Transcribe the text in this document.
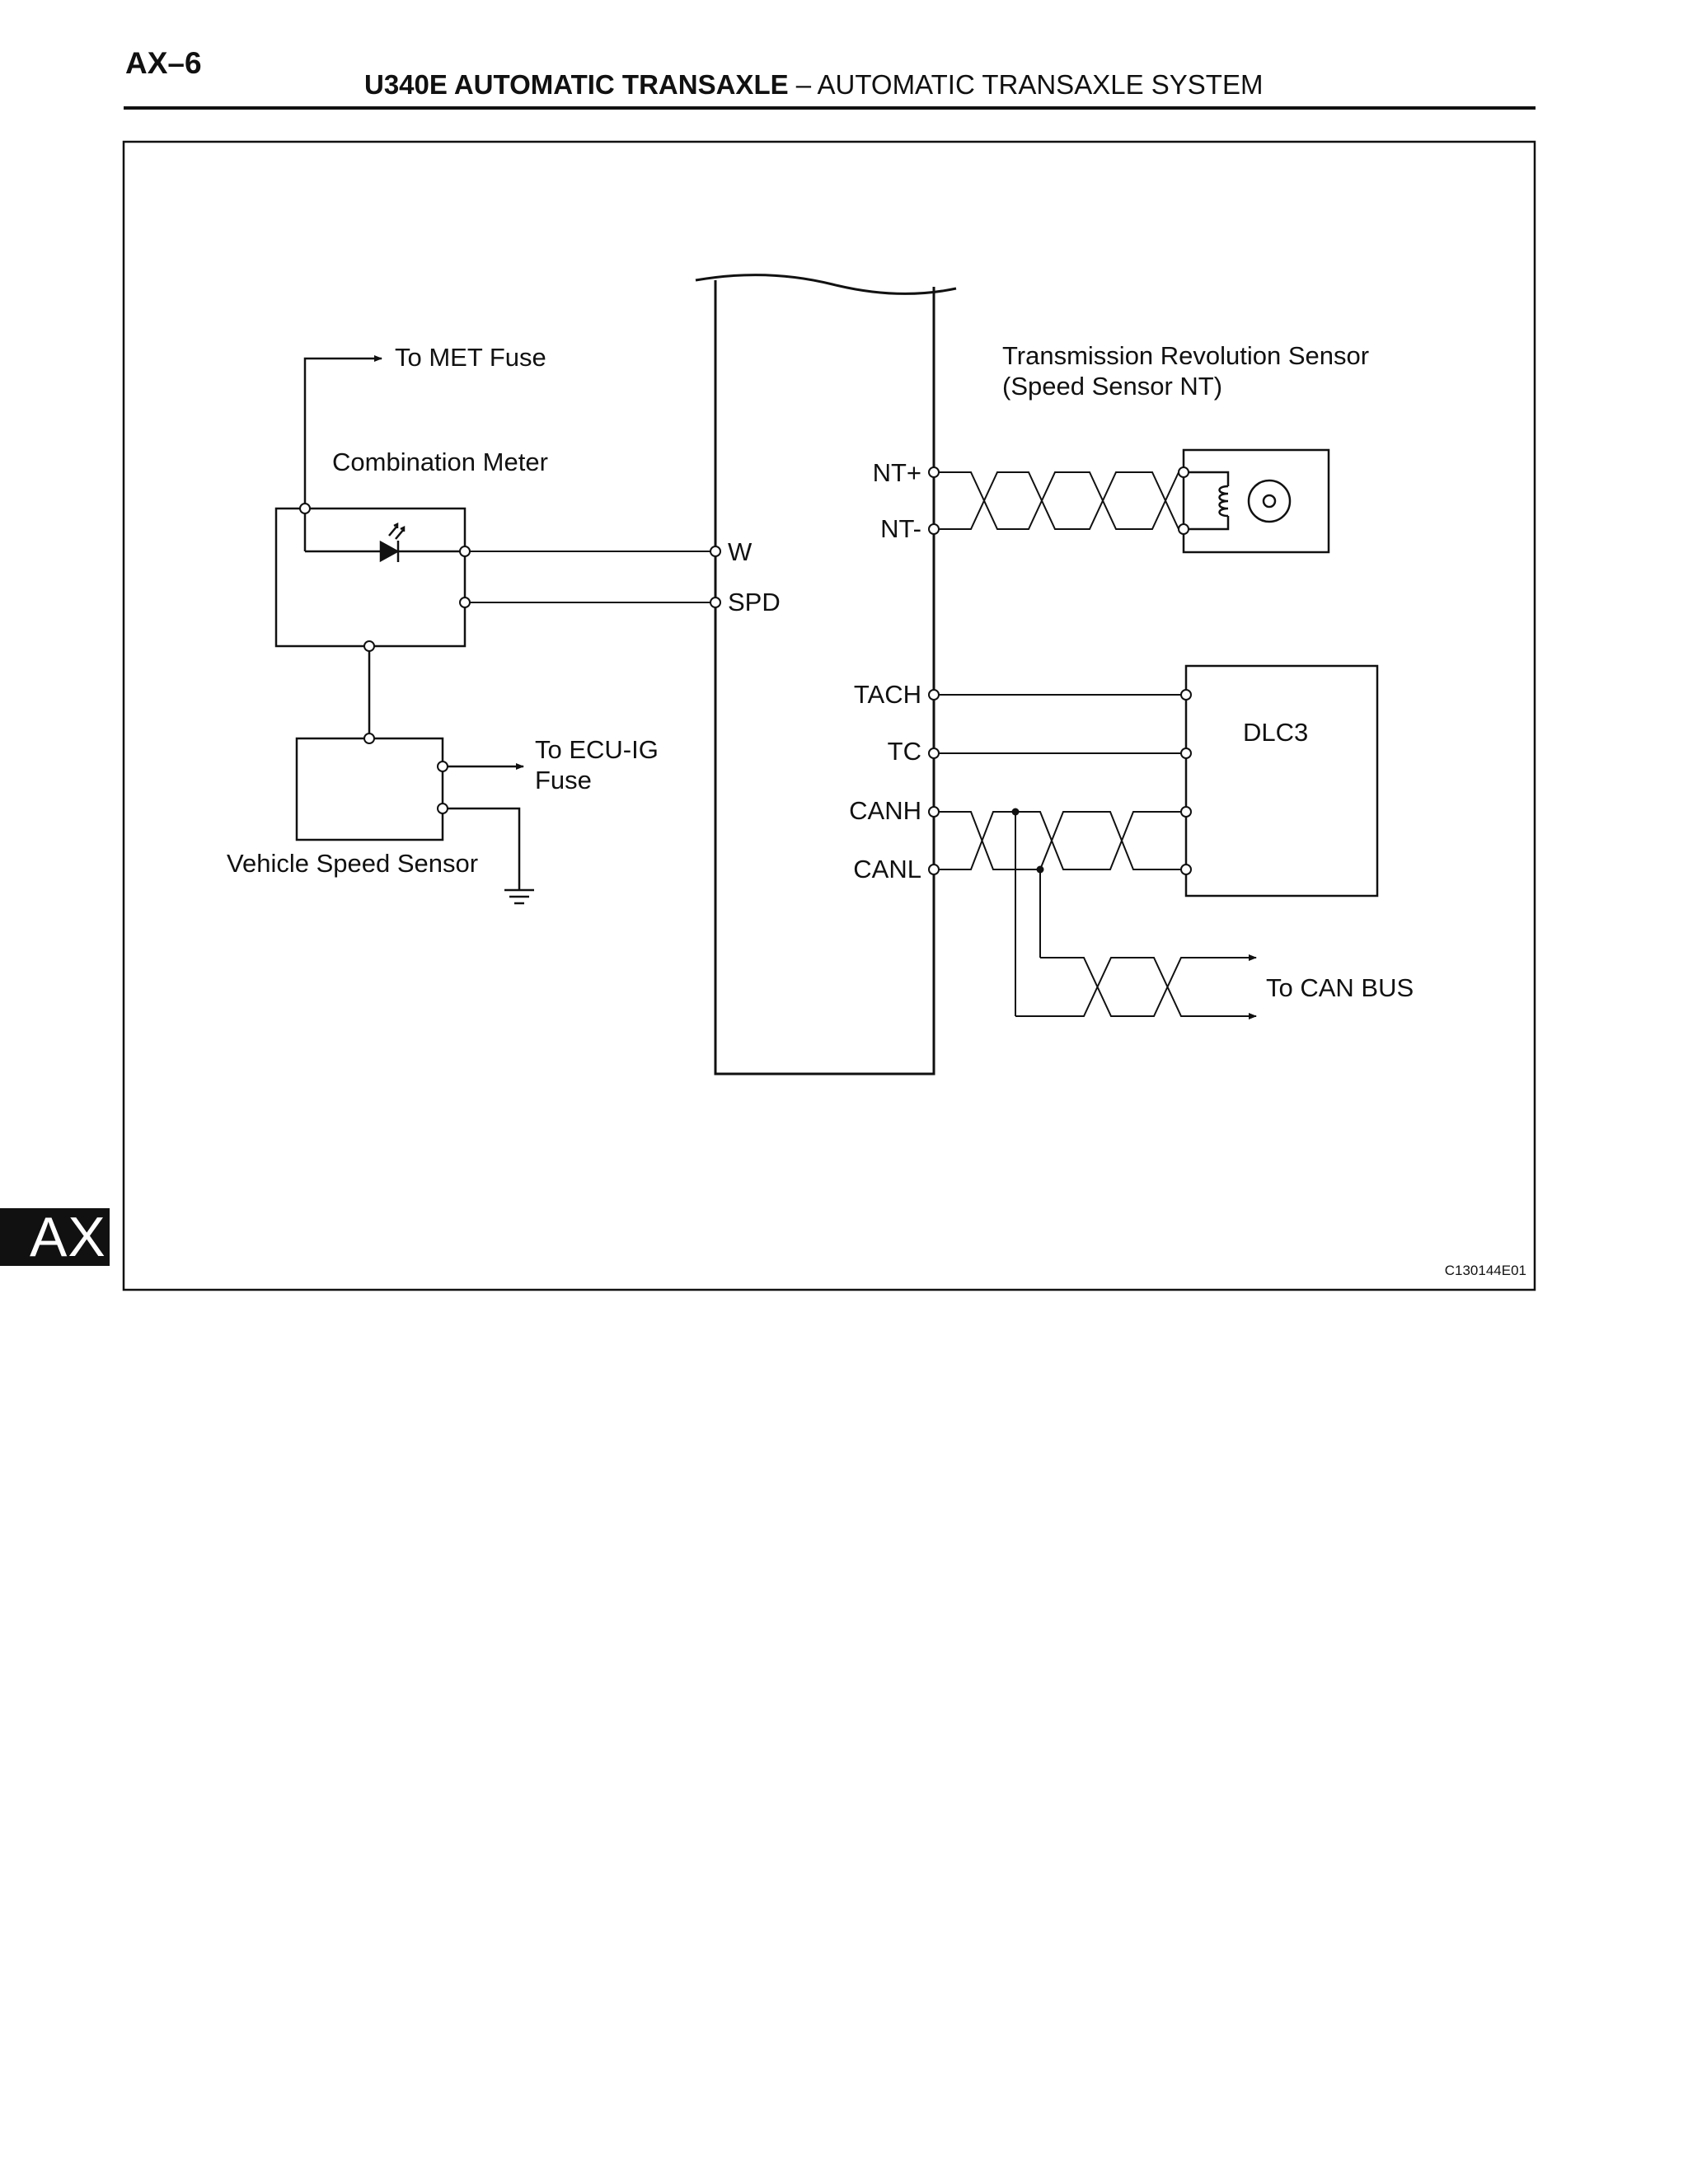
AX–6
U340E AUTOMATIC TRANSAXLE – AUTOMATIC TRANSAXLE SYSTEM
AX
To MET Fuse
Combination Meter
Vehicle Speed Sensor
To ECU-IG
Fuse
Transmission Revolution Sensor
(Speed Sensor NT)
DLC3
To CAN BUS
W
SPD
NT+
NT-
TACH
TC
CANH
CANL
C130144E01
